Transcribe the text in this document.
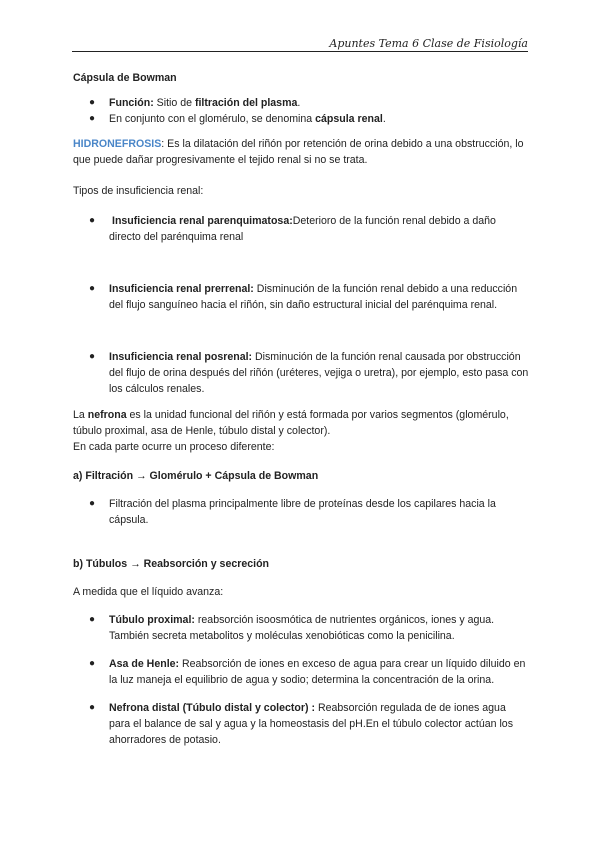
Apuntes Tema 6 Clase de Fisiología

Cápsula de Bowman

● Función: Sitio de filtración del plasma.
● En conjunto con el glomérulo, se denomina cápsula renal.

HIDRONEFROSIS: Es la dilatación del riñón por retención de orina debido a una obstrucción, lo que puede dañar progresivamente el tejido renal si no se trata.

Tipos de insuficiencia renal:

● Insuficiencia renal parenquimatosa:Deterioro de la función renal debido a daño directo del parénquima renal
● Insuficiencia renal prerrenal: Disminución de la función renal debido a una reducción del flujo sanguíneo hacia el riñón, sin daño estructural inicial del parénquima renal.
● Insuficiencia renal posrenal: Disminución de la función renal causada por obstrucción del flujo de orina después del riñón (uréteres, vejiga o uretra), por ejemplo, esto pasa con los cálculos renales.

La nefrona es la unidad funcional del riñón y está formada por varios segmentos (glomérulo, túbulo proximal, asa de Henle, túbulo distal y colector).
En cada parte ocurre un proceso diferente:

a) Filtración → Glomérulo + Cápsula de Bowman

● Filtración del plasma principalmente libre de proteínas desde los capilares hacia la cápsula.

b) Túbulos → Reabsorción y secreción

A medida que el líquido avanza:

● Túbulo proximal: reabsorción isoosmótica de nutrientes orgánicos, iones y agua. También secreta metabolitos y moléculas xenobióticas como la penicilina.
● Asa de Henle: Reabsorción de iones en exceso de agua para crear un líquido diluido en la luz maneja el equilibrio de agua y sodio; determina la concentración de la orina.
● Nefrona distal (Túbulo distal y colector) : Reabsorción regulada de de iones agua para el balance de sal y agua y la homeostasis del pH.En el túbulo colector actúan los ahorradores de potasio.
